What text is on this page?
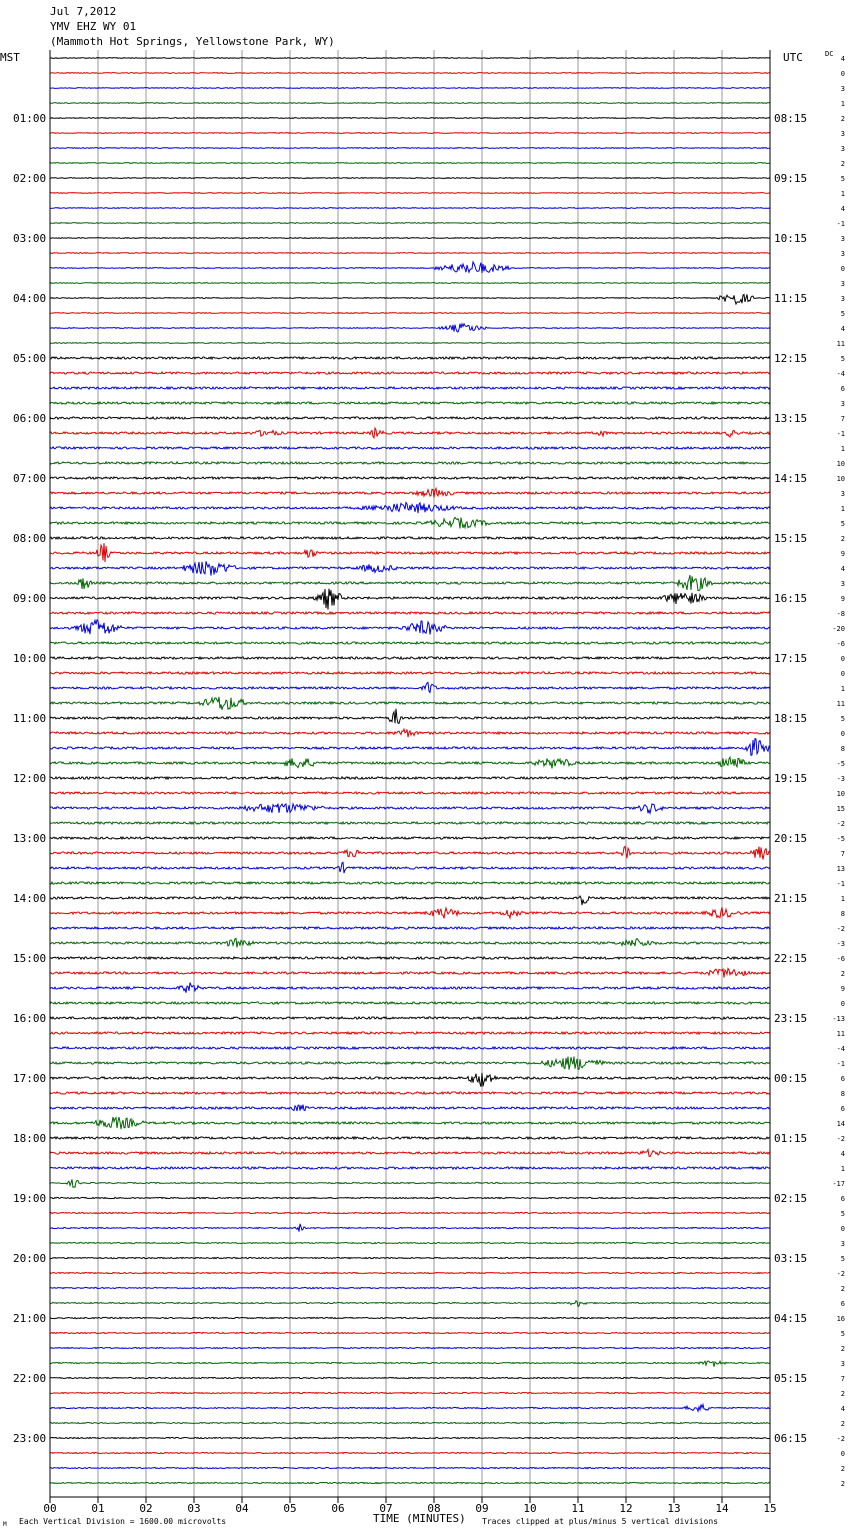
01:00
02:00
03:00
04:00
05:00
06:00
07:00
08:00
09:00
10:00
11:00
12:00
13:00
14:00
15:00
16:00
17:00
18:00
19:00
20:00
21:00
22:00
23:00
08:15
09:15
10:15
11:15
12:15
13:15
14:15
15:15
16:15
17:15
18:15
19:15
20:15
21:15
22:15
23:15
00:15
01:15
02:15
03:15
04:15
05:15
06:15
4
0
3
1
2
3
3
2
5
1
4
-1
3
3
0
3
3
5
4
11
5
-4
6
3
7
-1
1
10
10
3
1
5
2
9
4
3
9
-8
-20
-6
0
0
1
11
5
0
8
-5
-3
10
15
-2
-5
7
13
-1
1
8
-2
-3
-6
2
9
0
-13
11
-4
-1
6
8
6
14
-2
4
1
-17
6
5
0
3
5
-2
2
6
16
5
2
3
7
2
4
2
-2
0
2
2
00	01	02	03	04	05	06	07	08	09	10	11	12	13	14	15
MST	UTC	DC
TIME (MINUTES)
Each Vertical Division = 1600.00 microvolts	Traces clipped at plus/minus 5 vertical divisions
M
Jul 7,2012
YMV EHZ WY 01
(Mammoth Hot Springs, Yellowstone Park, WY)
